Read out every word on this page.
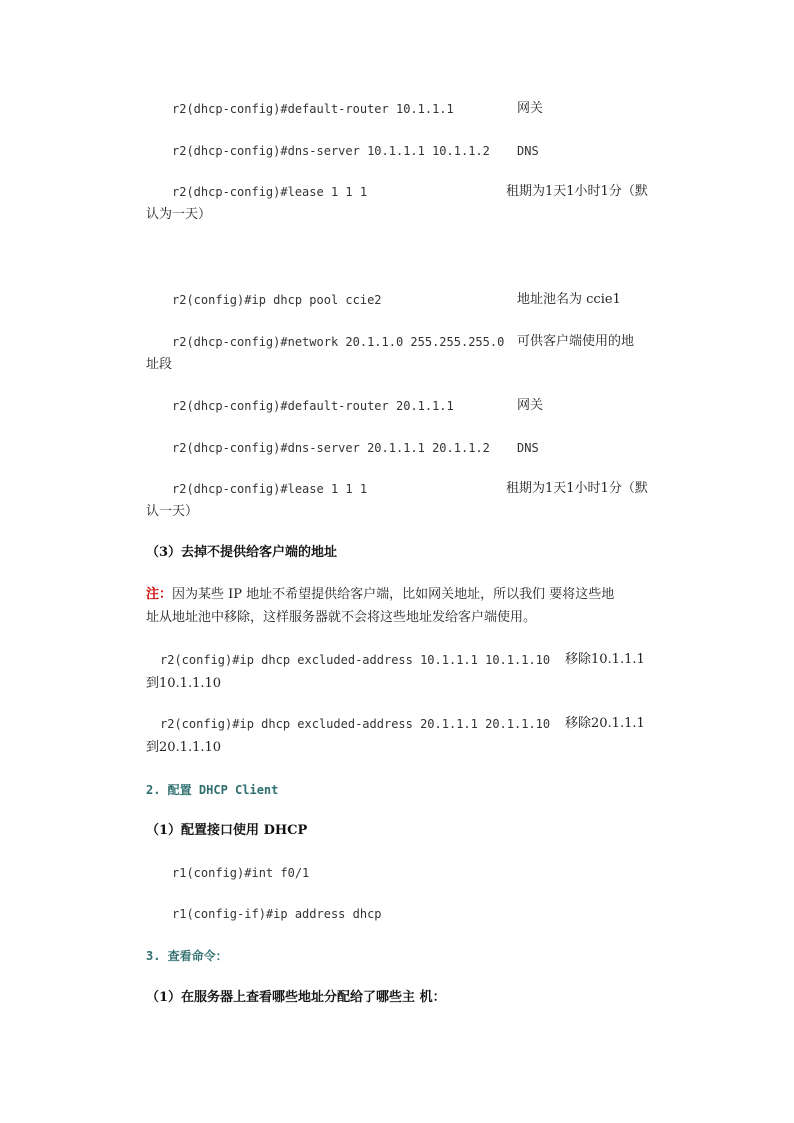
r2(dhcp-config)#default-router 10.1.1.1	网关
r2(dhcp-config)#dns-server 10.1.1.1 10.1.1.2 DNS
r2(dhcp-config)#lease 1 1 1	租期为1天1小时1分（默
认为一天）
r2(config)#ip dhcp pool ccie2	地址池名为 ccie1
r2(dhcp-config)#network 20.1.1.0 255.255.255.0 可供客户端使用的地
址段
r2(dhcp-config)#default-router 20.1.1.1	网关
r2(dhcp-config)#dns-server 20.1.1.1 20.1.1.2 DNS
r2(dhcp-config)#lease 1 1 1	租期为1天1小时1分（默
认一天）
（3）去掉不提供给客户端的地址
注：因为某些 IP 地址不希望提供给客户端，比如网关地址，所以我们 要将这些地
址从地址池中移除，这样服务器就不会将这些地址发给客户端使用。
r2(config)#ip dhcp excluded-address 10.1.1.1 10.1.1.10 移除10.1.1.1
到10.1.1.10
r2(config)#ip dhcp excluded-address 20.1.1.1 20.1.1.10 移除20.1.1.1
到20.1.1.10
2. 配置 DHCP Client
（1）配置接口使用 DHCP
r1(config)#int f0/1
r1(config-if)#ip address dhcp
3. 查看命令：
（1）在服务器上查看哪些地址分配给了哪些主 机：
